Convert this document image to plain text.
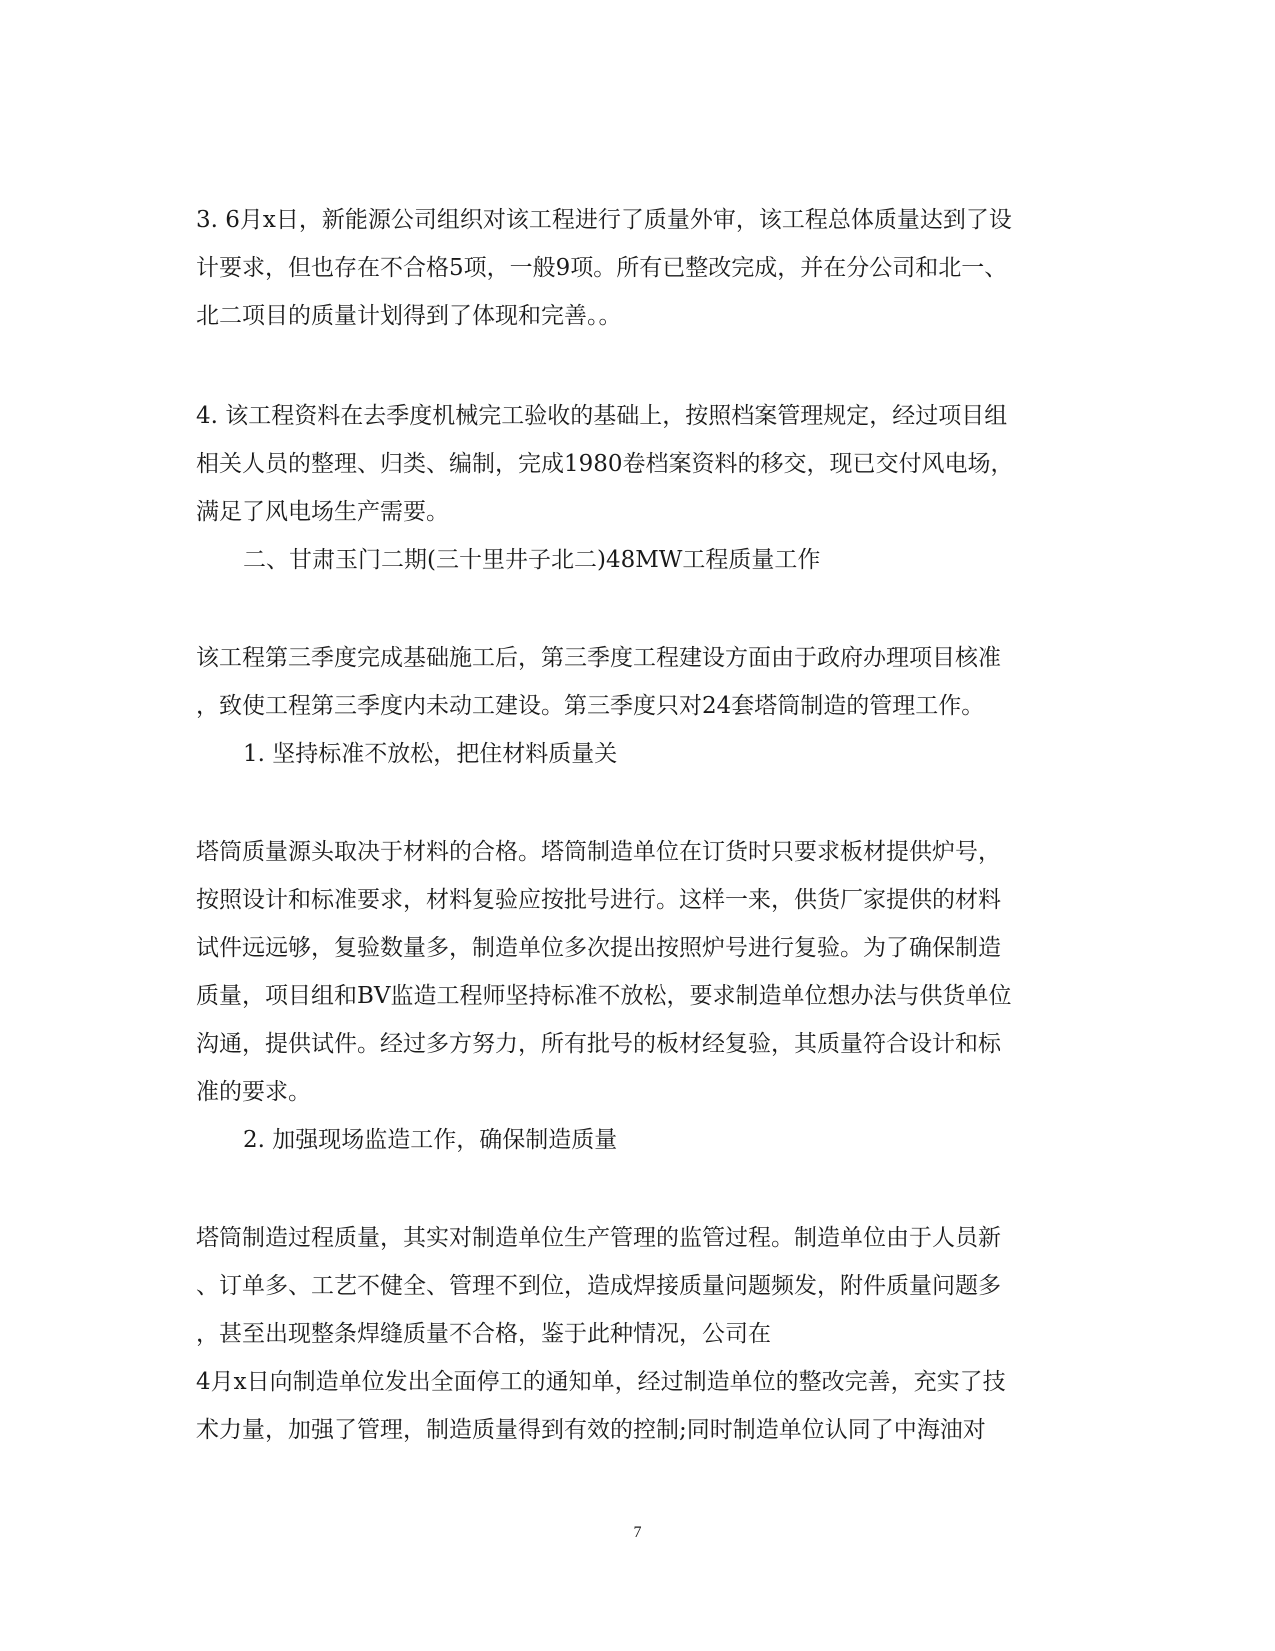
3. 6月x日，新能源公司组织对该工程进行了质量外审，该工程总体质量达到了设

计要求，但也存在不合格5项，一般9项。所有已整改完成，并在分公司和北一、

北二项目的质量计划得到了体现和完善。。

4. 该工程资料在去季度机械完工验收的基础上，按照档案管理规定，经过项目组

相关人员的整理、归类、编制，完成1980卷档案资料的移交，现已交付风电场，

满足了风电场生产需要。

二、甘肃玉门二期(三十里井子北二)48MW工程质量工作

该工程第三季度完成基础施工后，第三季度工程建设方面由于政府办理项目核准

，致使工程第三季度内未动工建设。第三季度只对24套塔筒制造的管理工作。

1. 坚持标准不放松，把住材料质量关

塔筒质量源头取决于材料的合格。塔筒制造单位在订货时只要求板材提供炉号，

按照设计和标准要求，材料复验应按批号进行。这样一来，供货厂家提供的材料

试件远远够，复验数量多，制造单位多次提出按照炉号进行复验。为了确保制造

质量，项目组和BV监造工程师坚持标准不放松，要求制造单位想办法与供货单位

沟通，提供试件。经过多方努力，所有批号的板材经复验，其质量符合设计和标

准的要求。

2. 加强现场监造工作，确保制造质量

塔筒制造过程质量，其实对制造单位生产管理的监管过程。制造单位由于人员新

、订单多、工艺不健全、管理不到位，造成焊接质量问题频发，附件质量问题多

，甚至出现整条焊缝质量不合格，鉴于此种情况，公司在

4月x日向制造单位发出全面停工的通知单，经过制造单位的整改完善，充实了技

术力量，加强了管理，制造质量得到有效的控制;同时制造单位认同了中海油对

7
